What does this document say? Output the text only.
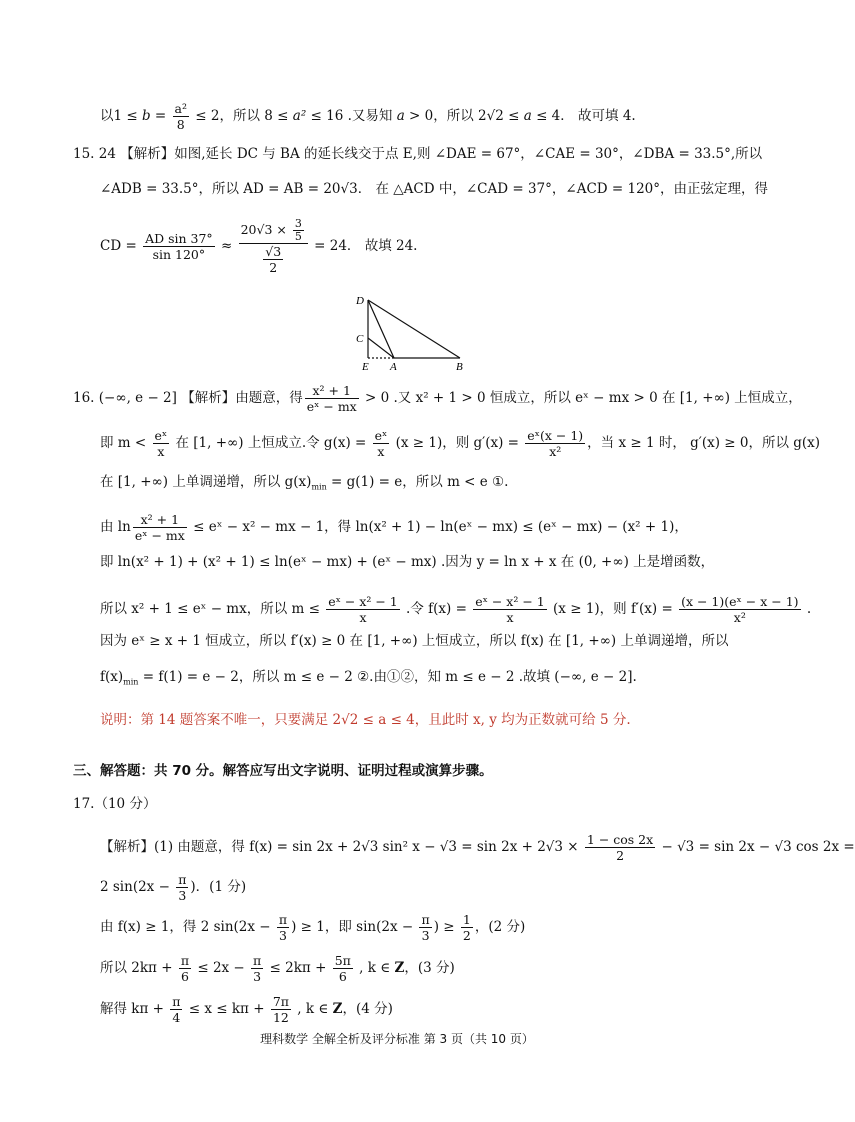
以$1 \le b = \frac{\text{a²}}{8} \le 2$，所以 8 ≤ a² ≤ 16 .又易知 a > 0，所以 2√2 ≤ a ≤ 4． 故可填 4.
15. 24 【解析】如图,延长 DC 与 BA 的延长线交于点 E,则 ∠DAE = 67°，∠CAE = 30°，∠DBA = 33.5°,所以
∠ADB = 33.5°，所以 AD = AB = 20√3． 在 △ACD 中，∠CAD = 37°，∠ACD = 120°，由正弦定理，得
CD = $\frac{\text{AD sin 37°}}{\sin 120^\circ} \approx \frac{20√3 \times \frac{3}{5}}{\frac{√3}{2}} = 24$． 故填 24.
D
C
E A	B
16. (−∞, e − 2] 【解析】由题意，得 $\frac{\text{x² + 1}}{\text{eˣ − mx}} > 0$ .又 x² + 1 > 0 恒成立，所以 eˣ − mx > 0 在 [1, +∞) 上恒成立，
即 $m < \frac{\text{eˣ}}{x}$ 在 [1, +∞) 上恒成立.令 $g(x) = \frac{\text{eˣ}}{x} (x \ge 1)$，则 $g'(x) = \frac{\text{eˣ(x − 1)}}{\text{x²}}$ ，当 x ≥ 1 时， g′(x) ≥ 0，所以 g(x)
在 [1, +∞) 上单调递增，所以 $g(x)_{min} = g(1) = e$，所以 m < e ①.
由 $\ln \frac{\text{x² + 1}}{\text{eˣ − mx}}$ ≤ eˣ − x² − mx − 1，得 ln(x² + 1) − ln(eˣ − mx) ≤ (eˣ − mx) − (x² + 1)，
即 ln(x² + 1) + (x² + 1) ≤ ln(eˣ − mx) + (eˣ − mx) .因为 y = ln x + x 在 (0, +∞) 上是增函数，
所以 x² + 1 ≤ eˣ − mx，所以 $m \le \frac{\text{eˣ − x² − 1}}{x}$ .令 $f(x) = \frac{\text{eˣ − x² − 1}}{x} (x \ge 1)$，则 $f'(x) = \frac{\text{(x − 1)(eˣ − x − 1)}}{\text{x²}}$ .
因为 eˣ ≥ x + 1 恒成立，所以 f′(x) ≥ 0 在 [1, +∞) 上恒成立，所以 f(x) 在 [1, +∞) 上单调递增，所以
$f(x)_{min} = f(1) = e - 2$，所以 m ≤ e − 2 ②.由①②，知 m ≤ e − 2 .故填 (−∞, e − 2].
说明：第 14 题答案不唯一，只要满足 2√2 ≤ a ≤ 4，且此时 x, y 均为正数就可给 5 分.
三、解答题：共 70 分。解答应写出文字说明、证明过程或演算步骤。
17.（10 分）
【解析】(1) 由题意，得 f(x) = sin 2x + 2√3 sin² $x - √3 = \sin 2x + 2√3 \times \frac{1 - \cos 2x}{2} - √3 = \sin 2x - √3$ cos 2x =
2 $\sin(2x - \frac{\pi}{3}$ )．(1 分)
由 f(x) ≥ 1，得 2 $\sin(2x - \frac{\pi}{3}$ ) ≥ 1，即 $\sin(2x - \frac{\pi}{3}$ ) ≥ $\frac{1}{2}$ ，(2 分)
所以 $2k\pi + \frac{\pi}{6} \le 2x - \frac{\pi}{3} \le 2k\pi + \frac{5\pi}{6}$ , k ∈ Z，(3 分)
解得 $k\pi + \frac{\pi}{4} \le x \le k\pi + \frac{7\pi}{12}$ , k ∈ Z，(4 分)
理科数学 全解全析及评分标准 第 3 页（共 10 页）
